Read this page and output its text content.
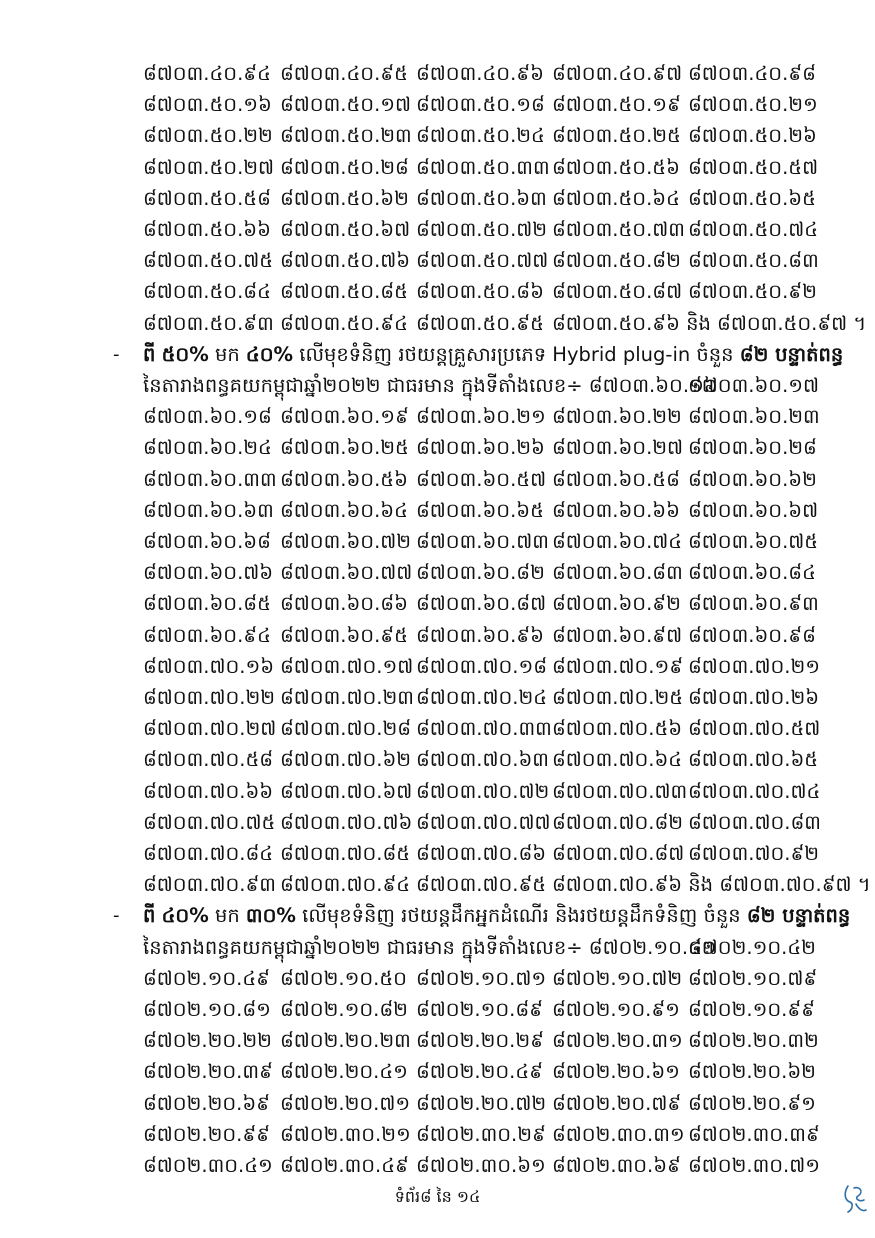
៨៧០៣.៤០.៩៤ ៨៧០៣.៤០.៩៥ ៨៧០៣.៤០.៩៦ ៨៧០៣.៤០.៩៧ ៨៧០៣.៤០.៩៨
៨៧០៣.៥០.១៦ ៨៧០៣.៥០.១៧ ៨៧០៣.៥០.១៨ ៨៧០៣.៥០.១៩ ៨៧០៣.៥០.២១
៨៧០៣.៥០.២២ ៨៧០៣.៥០.២៣ ៨៧០៣.៥០.២៤ ៨៧០៣.៥០.២៥ ៨៧០៣.៥០.២៦
៨៧០៣.៥០.២៧ ៨៧០៣.៥០.២៨ ៨៧០៣.៥០.៣៣ ៨៧០៣.៥០.៥៦ ៨៧០៣.៥០.៥៧
៨៧០៣.៥០.៥៨ ៨៧០៣.៥០.៦២ ៨៧០៣.៥០.៦៣ ៨៧០៣.៥០.៦៤ ៨៧០៣.៥០.៦៥
៨៧០៣.៥០.៦៦ ៨៧០៣.៥០.៦៧ ៨៧០៣.៥០.៧២ ៨៧០៣.៥០.៧៣ ៨៧០៣.៥០.៧៤
៨៧០៣.៥០.៧៥ ៨៧០៣.៥០.៧៦ ៨៧០៣.៥០.៧៧ ៨៧០៣.៥០.៨២ ៨៧០៣.៥០.៨៣
៨៧០៣.៥០.៨៤ ៨៧០៣.៥០.៨៥ ៨៧០៣.៥០.៨៦ ៨៧០៣.៥០.៨៧ ៨៧០៣.៥០.៩២
៨៧០៣.៥០.៩៣ ៨៧០៣.៥០.៩៤ ៨៧០៣.៥០.៩៥ ៨៧០៣.៥០.៩៦ និង ៨៧០៣.៥០.៩៧ ។
- ពី ៥០% មក ៤០% លើមុខទំនិញ រថយន្តគ្រួសារប្រភេទ Hybrid plug-in ចំនួន ៨២ បន្ទាត់ពន្ធ
នៃតារាងពន្ធគយកម្ពុជាឆ្នាំ២០២២ ជាធរមាន ក្នុងទីតាំងលេខ÷ ៨៧០៣.៦០.១៦
៨៧០៣.៦០.១៧
៨៧០៣.៦០.១៨ ៨៧០៣.៦០.១៩ ៨៧០៣.៦០.២១ ៨៧០៣.៦០.២២ ៨៧០៣.៦០.២៣
៨៧០៣.៦០.២៤ ៨៧០៣.៦០.២៥ ៨៧០៣.៦០.២៦ ៨៧០៣.៦០.២៧ ៨៧០៣.៦០.២៨
៨៧០៣.៦០.៣៣ ៨៧០៣.៦០.៥៦ ៨៧០៣.៦០.៥៧ ៨៧០៣.៦០.៥៨ ៨៧០៣.៦០.៦២
៨៧០៣.៦០.៦៣ ៨៧០៣.៦០.៦៤ ៨៧០៣.៦០.៦៥ ៨៧០៣.៦០.៦៦ ៨៧០៣.៦០.៦៧
៨៧០៣.៦០.៦៨ ៨៧០៣.៦០.៧២ ៨៧០៣.៦០.៧៣ ៨៧០៣.៦០.៧៤ ៨៧០៣.៦០.៧៥
៨៧០៣.៦០.៧៦ ៨៧០៣.៦០.៧៧ ៨៧០៣.៦០.៨២ ៨៧០៣.៦០.៨៣ ៨៧០៣.៦០.៨៤
៨៧០៣.៦០.៨៥ ៨៧០៣.៦០.៨៦ ៨៧០៣.៦០.៨៧ ៨៧០៣.៦០.៩២ ៨៧០៣.៦០.៩៣
៨៧០៣.៦០.៩៤ ៨៧០៣.៦០.៩៥ ៨៧០៣.៦០.៩៦ ៨៧០៣.៦០.៩៧ ៨៧០៣.៦០.៩៨
៨៧០៣.៧០.១៦ ៨៧០៣.៧០.១៧ ៨៧០៣.៧០.១៨ ៨៧០៣.៧០.១៩ ៨៧០៣.៧០.២១
៨៧០៣.៧០.២២ ៨៧០៣.៧០.២៣ ៨៧០៣.៧០.២៤ ៨៧០៣.៧០.២៥ ៨៧០៣.៧០.២៦
៨៧០៣.៧០.២៧ ៨៧០៣.៧០.២៨ ៨៧០៣.៧០.៣៣ ៨៧០៣.៧០.៥៦ ៨៧០៣.៧០.៥៧
៨៧០៣.៧០.៥៨ ៨៧០៣.៧០.៦២ ៨៧០៣.៧០.៦៣ ៨៧០៣.៧០.៦៤ ៨៧០៣.៧០.៦៥
៨៧០៣.៧០.៦៦ ៨៧០៣.៧០.៦៧ ៨៧០៣.៧០.៧២ ៨៧០៣.៧០.៧៣ ៨៧០៣.៧០.៧៤
៨៧០៣.៧០.៧៥ ៨៧០៣.៧០.៧៦ ៨៧០៣.៧០.៧៧ ៨៧០៣.៧០.៨២ ៨៧០៣.៧០.៨៣
៨៧០៣.៧០.៨៤ ៨៧០៣.៧០.៨៥ ៨៧០៣.៧០.៨៦ ៨៧០៣.៧០.៨៧ ៨៧០៣.៧០.៩២
៨៧០៣.៧០.៩៣ ៨៧០៣.៧០.៩៤ ៨៧០៣.៧០.៩៥ ៨៧០៣.៧០.៩៦ និង ៨៧០៣.៧០.៩៧ ។
- ពី ៤០% មក ៣០% លើមុខទំនិញ រថយន្តដឹកអ្នកដំណើរ និងរថយន្តដឹកទំនិញ ចំនួន ៨២ បន្ទាត់ពន្ធ
នៃតារាងពន្ធគយកម្ពុជាឆ្នាំ២០២២ ជាធរមាន ក្នុងទីតាំងលេខ÷ ៨៧០២.១០.៤១
៨៧០២.១០.៤២
៨៧០២.១០.៤៩ ៨៧០២.១០.៥០ ៨៧០២.១០.៧១ ៨៧០២.១០.៧២ ៨៧០២.១០.៧៩
៨៧០២.១០.៨១ ៨៧០២.១០.៨២ ៨៧០២.១០.៨៩ ៨៧០២.១០.៩១ ៨៧០២.១០.៩៩
៨៧០២.២០.២២ ៨៧០២.២០.២៣ ៨៧០២.២០.២៩ ៨៧០២.២០.៣១ ៨៧០២.២០.៣២
៨៧០២.២០.៣៩ ៨៧០២.២០.៤១ ៨៧០២.២០.៤៩ ៨៧០២.២០.៦១ ៨៧០២.២០.៦២
៨៧០២.២០.៦៩ ៨៧០២.២០.៧១ ៨៧០២.២០.៧២ ៨៧០២.២០.៧៩ ៨៧០២.២០.៩១
៨៧០២.២០.៩៩ ៨៧០២.៣០.២១ ៨៧០២.៣០.២៩ ៨៧០២.៣០.៣១ ៨៧០២.៣០.៣៩
៨៧០២.៣០.៤១ ៨៧០២.៣០.៤៩ ៨៧០២.៣០.៦១ ៨៧០២.៣០.៦៩ ៨៧០២.៣០.៧១
ទំព័រ៨ នៃ ១៤
